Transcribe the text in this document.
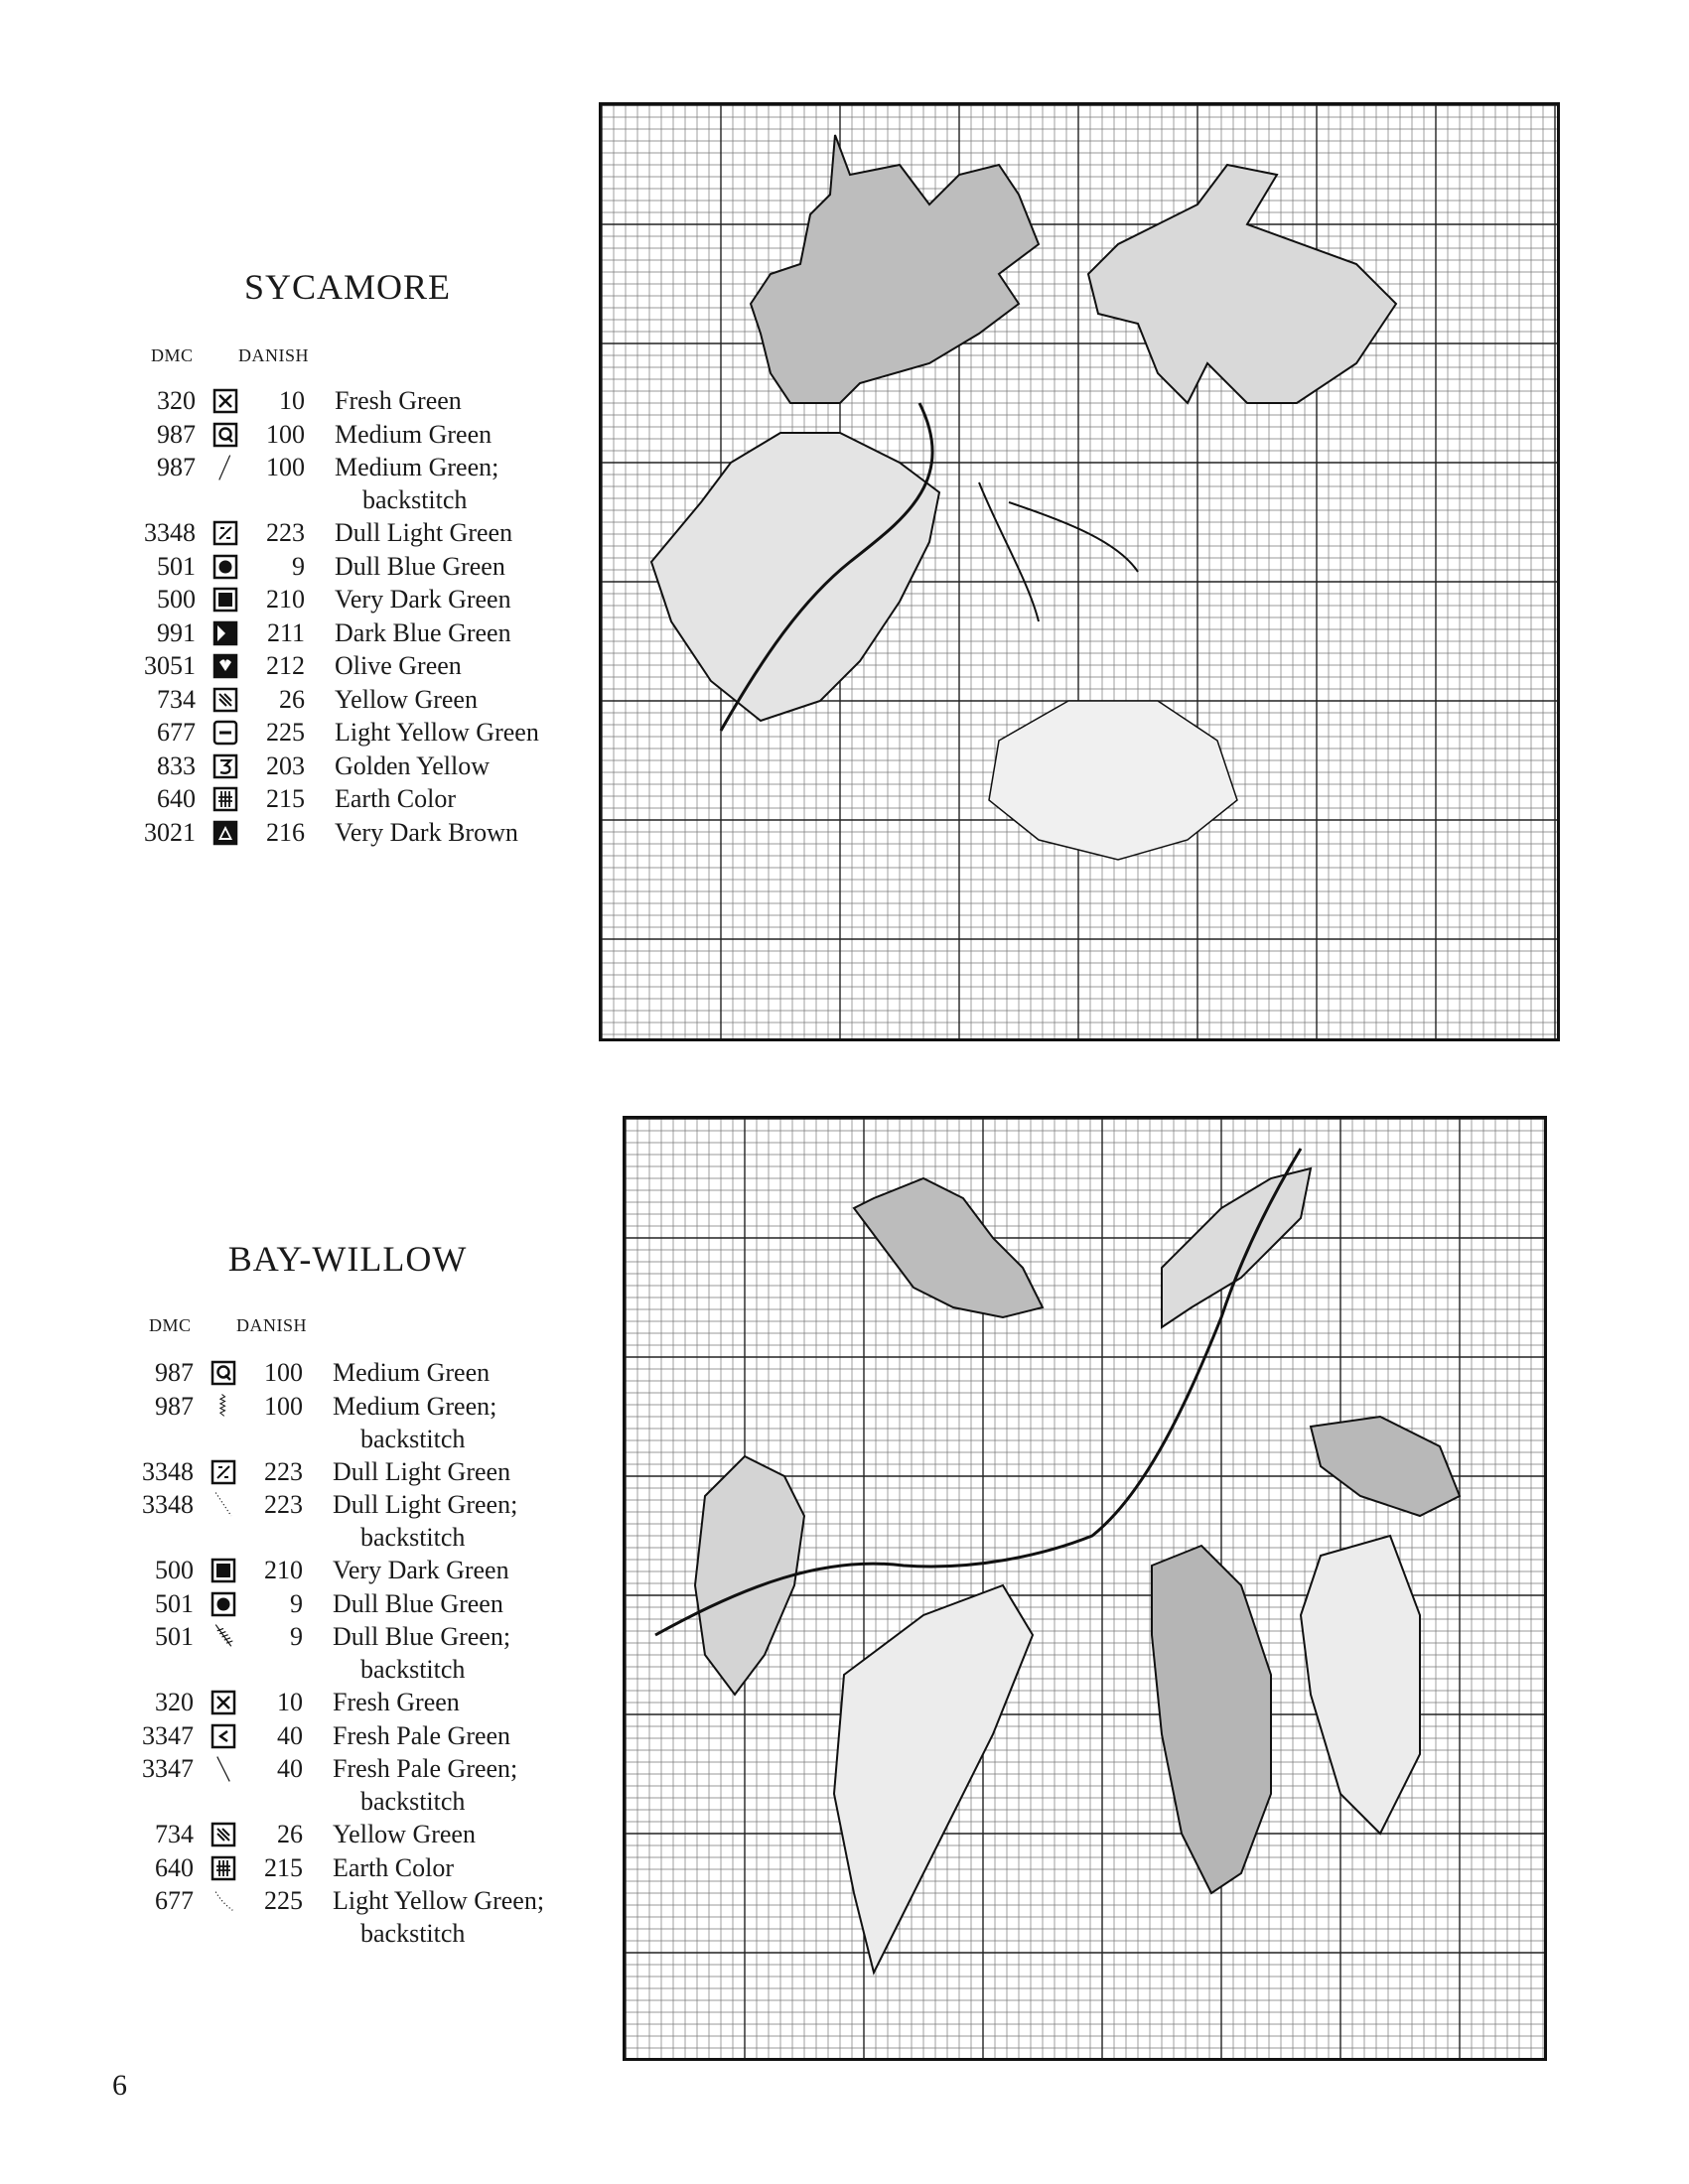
SYCAMORE
DMC	DANISH
320	10 Fresh Green
987	100 Medium Green
987	100 Medium Green;
backstitch
3348	223 Dull Light Green
501	9 Dull Blue Green
500	210 Very Dark Green
991	211 Dark Blue Green
3051	212 Olive Green
734	26 Yellow Green
677	225 Light Yellow Green
833	203 Golden Yellow
640	215 Earth Color
3021	216 Very Dark Brown
BAY-WILLOW
DMC	DANISH
987	100 Medium Green
987	100 Medium Green;
backstitch
3348	223 Dull Light Green
3348	223 Dull Light Green;
backstitch
500	210 Very Dark Green
501	9 Dull Blue Green
501	9 Dull Blue Green;
backstitch
320	10 Fresh Green
3347	40 Fresh Pale Green
3347	40 Fresh Pale Green;
backstitch
734	26 Yellow Green
640	215 Earth Color
677	225 Light Yellow Green;
backstitch
6
